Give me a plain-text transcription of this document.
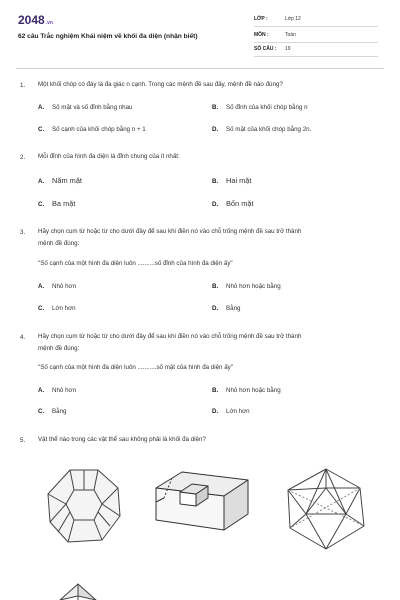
2048.vn
62 câu Trắc nghiệm Khái niệm về khối đa diện (nhận biết)
LỚP :	Lớp 12
MÔN :	Toán
SỐ CÂU : 19
1. Một khối chóp có đáy là đa giác n cạnh. Trong các mệnh đề sau đây, mệnh đề nào đúng?
A. Số mặt và số đỉnh bằng nhau	B. Số đỉnh của khối chóp bằng n
C. Số cạnh của khối chóp bằng n + 1	D. Số mặt của khối chóp bằng 2n.
2. Mỗi đỉnh của hình đa diện là đỉnh chung của ít nhất:
A. Năm mặt	B. Hai mặt
C. Ba mặt	D. Bốn mặt
3. Hãy chọn cụm từ hoặc từ cho dưới đây để sau khi điền nó vào chỗ trống mệnh đề sau trở thành
mệnh đề đúng:
"Số cạnh của một hình đa diện luôn ..........số đỉnh của hình đa diện ấy"
A. Nhỏ hơn	B. Nhỏ hơn hoặc bằng
C. Lớn hơn	D. Bằng
4. Hãy chọn cụm từ hoặc từ cho dưới đây để sau khi điền nó vào chỗ trống mệnh đề sau trở thành
mệnh đề đúng:
"Số cạnh của một hình đa diện luôn ...........số mặt của hình đa diện ấy"
A. Nhỏ hơn	B. Nhỏ hơn hoặc bằng
C. Bằng	D. Lớn hơn
5. Vật thể nào trong các vật thể sau không phải là khối đa diện?
